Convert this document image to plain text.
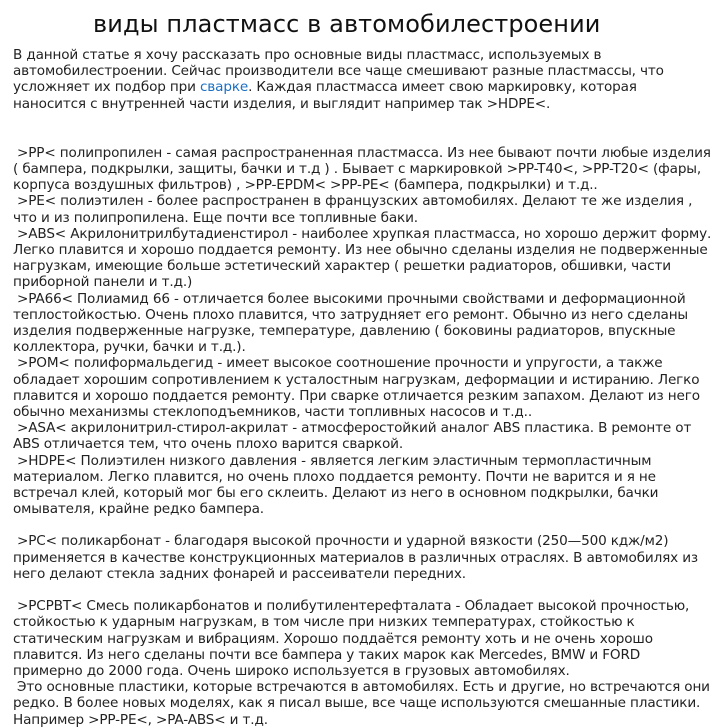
виды пластмасс в автомобилестроении

В данной статье я хочу рассказать про основные виды пластмасс, используемых в автомобилестроении. Сейчас производители все чаще смешивают разные пластмассы, что усложняет их подбор при сварке. Каждая пластмасса имеет свою маркировку, которая наносится с внутренней части изделия, и выглядит например так >HDPE<.

>PP< полипропилен - самая распространенная пластмасса. Из нее бывают почти любые изделия ( бампера, подкрылки, защиты, бачки и т.д ) . Бывает с маркировкой >PP-T40<, >PP-T20< (фары, корпуса воздушных фильтров) , >PP-EPDM< >PP-PE< (бампера, подкрылки) и т.д..

>PE< полиэтилен - более распространен в французских автомобилях. Делают те же изделия , что и из полипропилена. Еще почти все топливные баки.

>ABS< Акрилонитрилбутадиенстирол - наиболее хрупкая пластмасса, но хорошо держит форму. Легко плавится и хорошо поддается ремонту. Из нее обычно сделаны изделия не подверженные нагрузкам, имеющие больше эстетический характер ( решетки радиаторов, обшивки, части приборной панели и т.д.)

>PA66< Полиамид 66 - отличается более высокими прочными свойствами и деформационной теплостойкостью. Очень плохо плавится, что затрудняет его ремонт. Обычно из него сделаны изделия подверженные нагрузке, температуре, давлению ( боковины радиаторов, впускные коллектора, ручки, бачки и т.д.).

>POM< полиформальдегид - имеет высокое соотношение прочности и упругости, а также обладает хорошим сопротивлением к усталостным нагрузкам, деформации и истиранию. Легко плавится и хорошо поддается ремонту. При сварке отличается резким запахом. Делают из него обычно механизмы стеклоподъемников, части топливных насосов и т.д..

>ASA< акрилонитрил-стирол-акрилат - атмосферостойкий аналог ABS пластика. В ремонте от ABS отличается тем, что очень плохо варится сваркой.

>HDPE< Полиэтилен низкого давления - является легким эластичным термопластичным материалом. Легко плавится, но очень плохо поддается ремонту. Почти не варится и я не встречал клей, который мог бы его склеить. Делают из него в основном подкрылки, бачки омывателя, крайне редко бампера.

>PC< поликарбонат - благодаря высокой прочности и ударной вязкости (250—500 кдж/м2) применяется в качестве конструкционных материалов в различных отраслях. В автомобилях из него делают стекла задних фонарей и рассеиватели передних.

>PCPBT< Смесь поликарбонатов и полибутилентерефталата - Обладает высокой прочностью, стойкостью к ударным нагрузкам, в том числе при низких температурах, стойкостью к статическим нагрузкам и вибрациям. Хорошо поддаётся ремонту хоть и не очень хорошо плавится. Из него сделаны почти все бампера у таких марок как Mercedes, BMW и FORD примерно до 2000 года. Очень широко используется в грузовых автомобилях.

Это основные пластики, которые встречаются в автомобилях. Есть и другие, но встречаются они редко. В более новых моделях, как я писал выше, все чаще используются смешанные пластики. Например >PP-PE<, >PA-ABS< и т.д.
